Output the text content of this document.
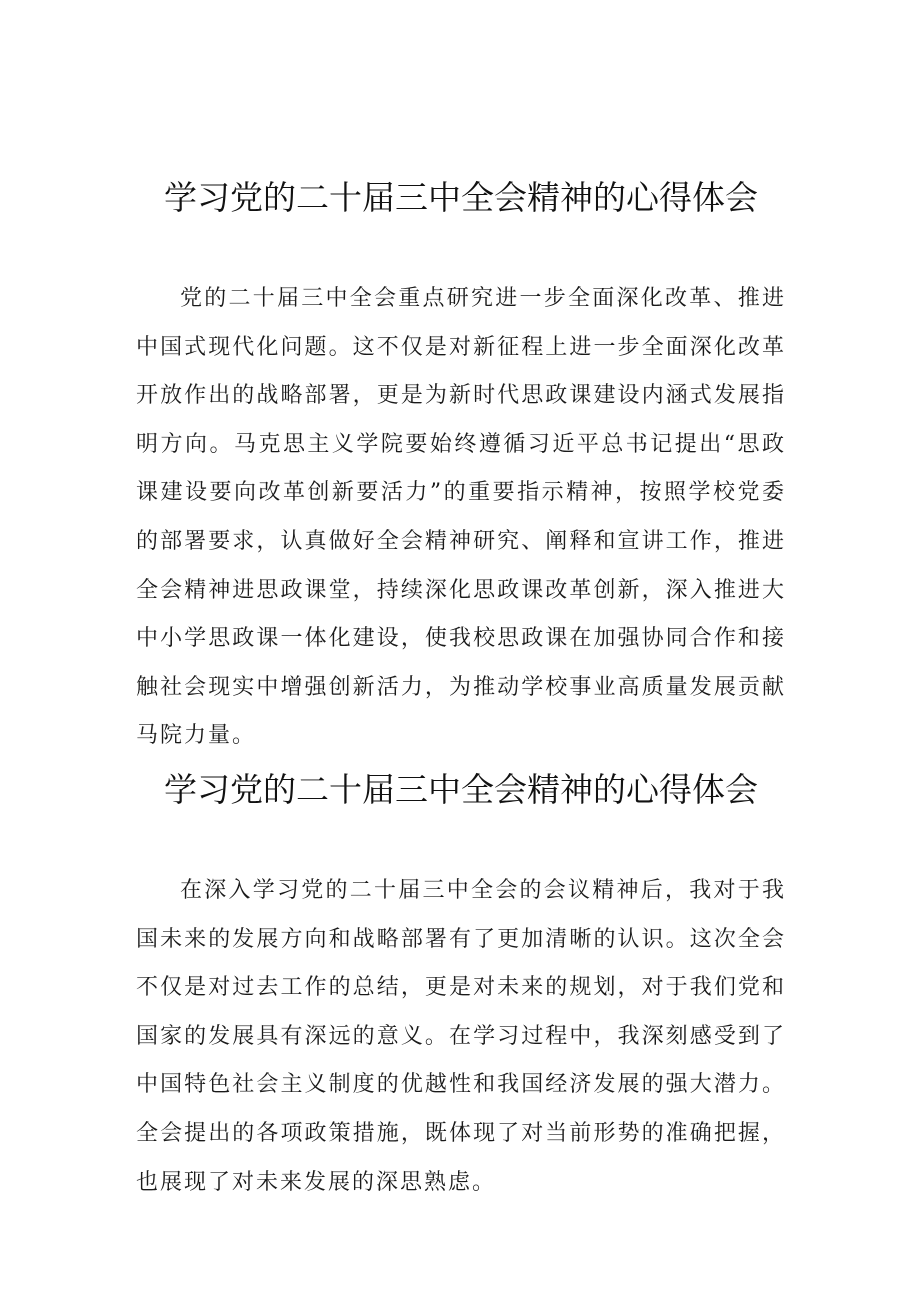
学习党的二十届三中全会精神的心得体会

党的二十届三中全会重点研究进一步全面深化改革、推进中国式现代化问题。这不仅是对新征程上进一步全面深化改革开放作出的战略部署，更是为新时代思政课建设内涵式发展指明方向。马克思主义学院要始终遵循习近平总书记提出“思政课建设要向改革创新要活力”的重要指示精神，按照学校党委的部署要求，认真做好全会精神研究、阐释和宣讲工作，推进全会精神进思政课堂，持续深化思政课改革创新，深入推进大中小学思政课一体化建设，使我校思政课在加强协同合作和接触社会现实中增强创新活力，为推动学校事业高质量发展贡献马院力量。

学习党的二十届三中全会精神的心得体会

在深入学习党的二十届三中全会的会议精神后，我对于我国未来的发展方向和战略部署有了更加清晰的认识。这次全会不仅是对过去工作的总结，更是对未来的规划，对于我们党和国家的发展具有深远的意义。在学习过程中，我深刻感受到了中国特色社会主义制度的优越性和我国经济发展的强大潜力。全会提出的各项政策措施，既体现了对当前形势的准确把握，也展现了对未来发展的深思熟虑。
